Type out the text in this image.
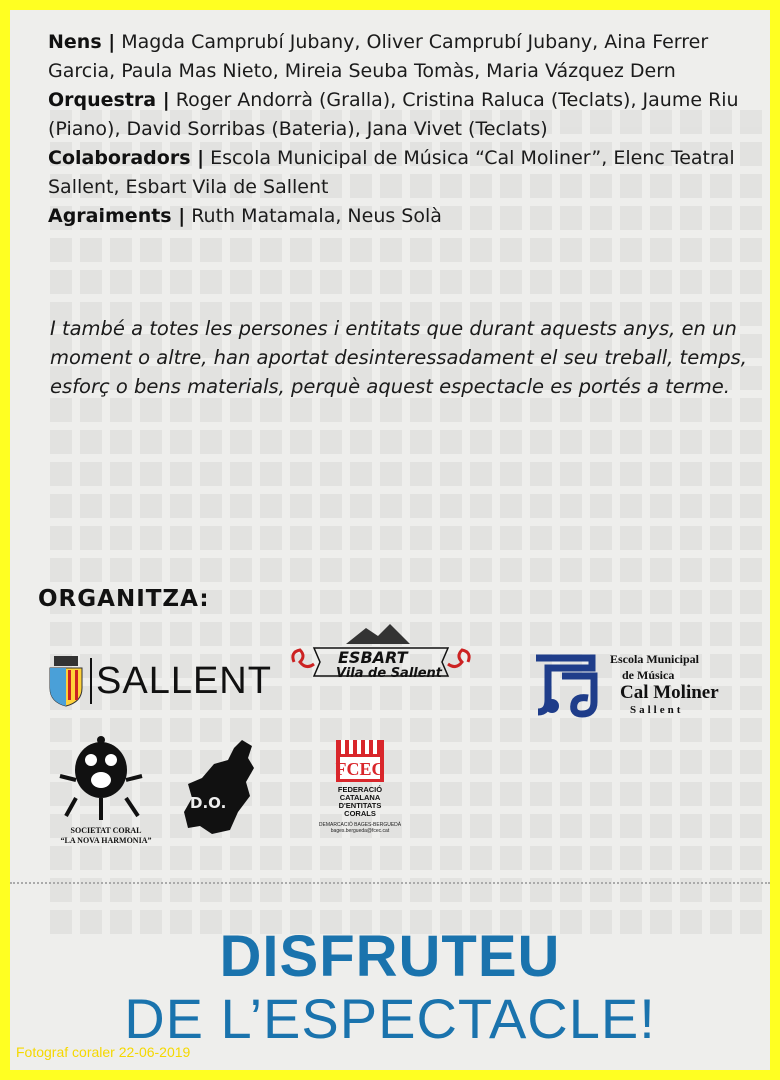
Nens | Magda Camprubí Jubany, Oliver Camprubí Jubany, Aina Ferrer Garcia, Paula Mas Nieto, Mireia Seuba Tomàs, Maria Vázquez Dern
Orquestra | Roger Andorrà (Gralla), Cristina Raluca (Teclats), Jaume Riu (Piano), David Sorribas (Bateria), Jana Vivet (Teclats)
Colaboradors | Escola Municipal de Música “Cal Moliner”, Elenc Teatral Sallent, Esbart Vila de Sallent
Agraiments | Ruth Matamala, Neus Solà
I també a totes les persones i entitats que durant aquests anys, en un moment o altre, han aportat desinteressadament el seu treball, temps, esforç o bens materials, perquè aquest espectacle es portés a terme.
ORGANITZA:
SALLENT
ESBART
Vila de Sallent
Escola Municipal
de Música
Cal Moliner
Sallent
SOCIETAT CORAL
“LA NOVA HARMONIA”
D.O.
FCEC
FEDERACIÓ
CATALANA
D'ENTITATS
CORALS
DEMARCACIÓ BAGES-BERGUEDÀ
bages.bergueda@fcec.cat
DISFRUTEU
DE L’ESPECTACLE!
Fotograf coraler 22-06-2019
